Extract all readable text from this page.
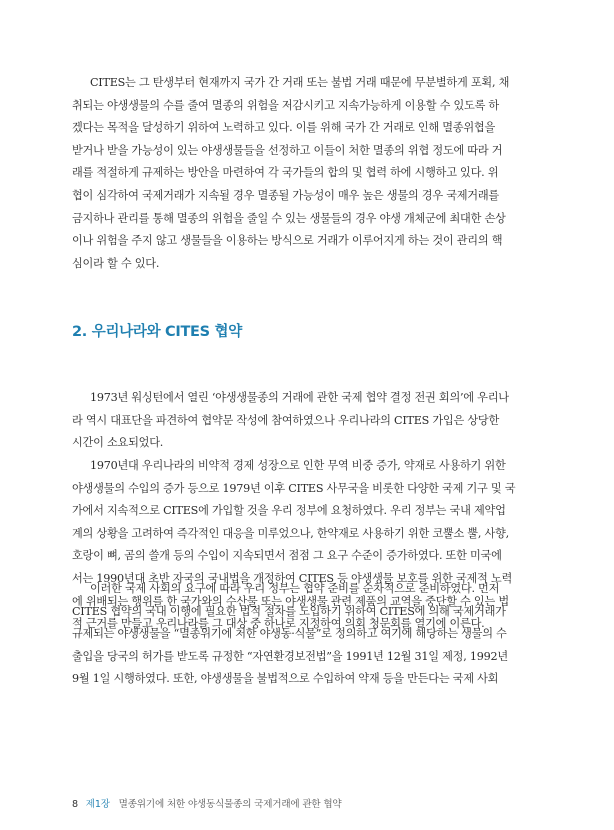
CITES는 그 탄생부터 현재까지 국가 간 거래 또는 불법 거래 때문에 무분별하게 포획, 채
취되는 야생생물의 수를 줄여 멸종의 위험을 저감시키고 지속가능하게 이용할 수 있도록 하
겠다는 목적을 달성하기 위하여 노력하고 있다. 이를 위해 국가 간 거래로 인해 멸종위협을
받거나 받을 가능성이 있는 야생생물들을 선정하고 이들이 처한 멸종의 위협 정도에 따라 거
래를 적절하게 규제하는 방안을 마련하여 각 국가들의 합의 및 협력 하에 시행하고 있다. 위
협이 심각하여 국제거래가 지속될 경우 멸종될 가능성이 매우 높은 생물의 경우 국제거래를
금지하나 관리를 통해 멸종의 위험을 줄일 수 있는 생물들의 경우 야생 개체군에 최대한 손상
이나 위험을 주지 않고 생물들을 이용하는 방식으로 거래가 이루어지게 하는 것이 관리의 핵
심이라 할 수 있다.
2. 우리나라와 CITES 협약
1973년 워싱턴에서 열린 ‘야생생물종의 거래에 관한 국제 협약 결정 전권 회의’에 우리나
라 역시 대표단을 파견하여 협약문 작성에 참여하였으나 우리나라의 CITES 가입은 상당한
시간이 소요되었다.
1970년대 우리나라의 비약적 경제 성장으로 인한 무역 비중 증가, 약재로 사용하기 위한
야생생물의 수입의 증가 등으로 1979년 이후 CITES 사무국을 비롯한 다양한 국제 기구 및 국
가에서 지속적으로 CITES에 가입할 것을 우리 정부에 요청하였다. 우리 정부는 국내 제약업
계의 상황을 고려하여 즉각적인 대응을 미루었으나, 한약재로 사용하기 위한 코뿔소 뿔, 사향,
호랑이 뼈, 곰의 쓸개 등의 수입이 지속되면서 점점 그 요구 수준이 증가하였다. 또한 미국에
서는 1990년대 초반 자국의 국내법을 개정하여 CITES 등 야생생물 보호를 위한 국제적 노력
에 위배되는 행위를 한 국가와의 수산물 또는 야생생물 관련 제품의 교역을 중단할 수 있는 법
적 근거를 만들고 우리나라를 그 대상 중 하나로 지정하여 의회 청문회를 열기에 이른다.
이러한 국제 사회의 요구에 따라 우리 정부는 협약 준비를 순차적으로 준비하였다. 먼저
CITES 협약의 국내 이행에 필요한 법적 절차를 도입하기 위하여 CITES에 의해 국제거래가
규제되는 야생생물을 “멸종위기에 처한 야생동·식물”로 정의하고 여기에 해당하는 생물의 수
출입을 당국의 허가를 받도록 규정한 “자연환경보전법”을 1991년 12월 31일 제정, 1992년
9월 1일 시행하였다. 또한, 야생생물을 불법적으로 수입하여 약재 등을 만든다는 국제 사회
8 제1장 멸종위기에 처한 야생동식물종의 국제거래에 관한 협약
